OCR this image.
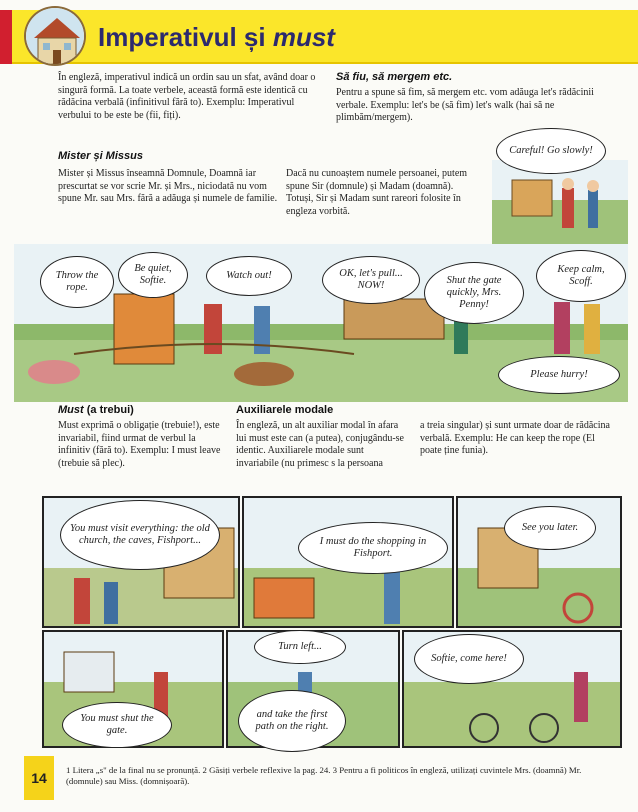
Imperativul și must
În engleză, imperativul indică un ordin sau un sfat, având doar o singură formă. La toate verbele, această formă este identică cu rădăcina verbală (infinitivul fără to). Exemplu: Imperativul verbului to be este be (fii, fiți).
Să fiu, să mergem etc.
Pentru a spune să fim, să mergem etc. vom adăuga let's rădăcinii verbale. Exemplu: let's be (să fim) let's walk (hai să ne plimbăm/mergem).
Mister și Missus
Mister și Missus înseamnă Domnule, Doamnă iar prescurtat se vor scrie Mr. și Mrs., niciodată nu vom spune Mr. sau Mrs. fără a adăuga și numele de familie.
Dacă nu cunoaștem numele persoanei, putem spune Sir (domnule) și Madam (doamnă). Totuși, Sir și Madam sunt rareori folosite în engleza vorbită.
Careful! Go slowly!
Throw the rope.
Be quiet, Softie.	Watch out!	OK, let's pull... NOW!	Shut the gate quickly, Mrs. Penny!
Keep calm, Scoff.
Please hurry!
Must (a trebui)
Must exprimă o obligație (trebuie!), este invariabil, fiind urmat de verbul la infinitiv (fără to). Exemplu: I must leave (trebuie să plec).
Auxiliarele modale
În engleză, un alt auxiliar modal în afara lui must este can (a putea), conjugându-se identic. Auxiliarele modale sunt invariabile (nu primesc s la persoana
a treia singular) și sunt urmate doar de rădăcina verbală. Exemplu: He can keep the rope (El poate ține funia).
You must visit everything: the old church, the caves, Fishport...	I must do the shopping in Fishport.
See you later.
Turn left...
Softie, come here!
You must shut the gate.
and take the first path on the right.
14	1 Litera „s" de la final nu se pronunță. 2 Găsiți verbele reflexive la pag. 24. 3 Pentru a fi politicos în engleză, utilizați cuvintele Mrs. (doamnă) Mr. (domnule) sau Miss. (domnișoară).
